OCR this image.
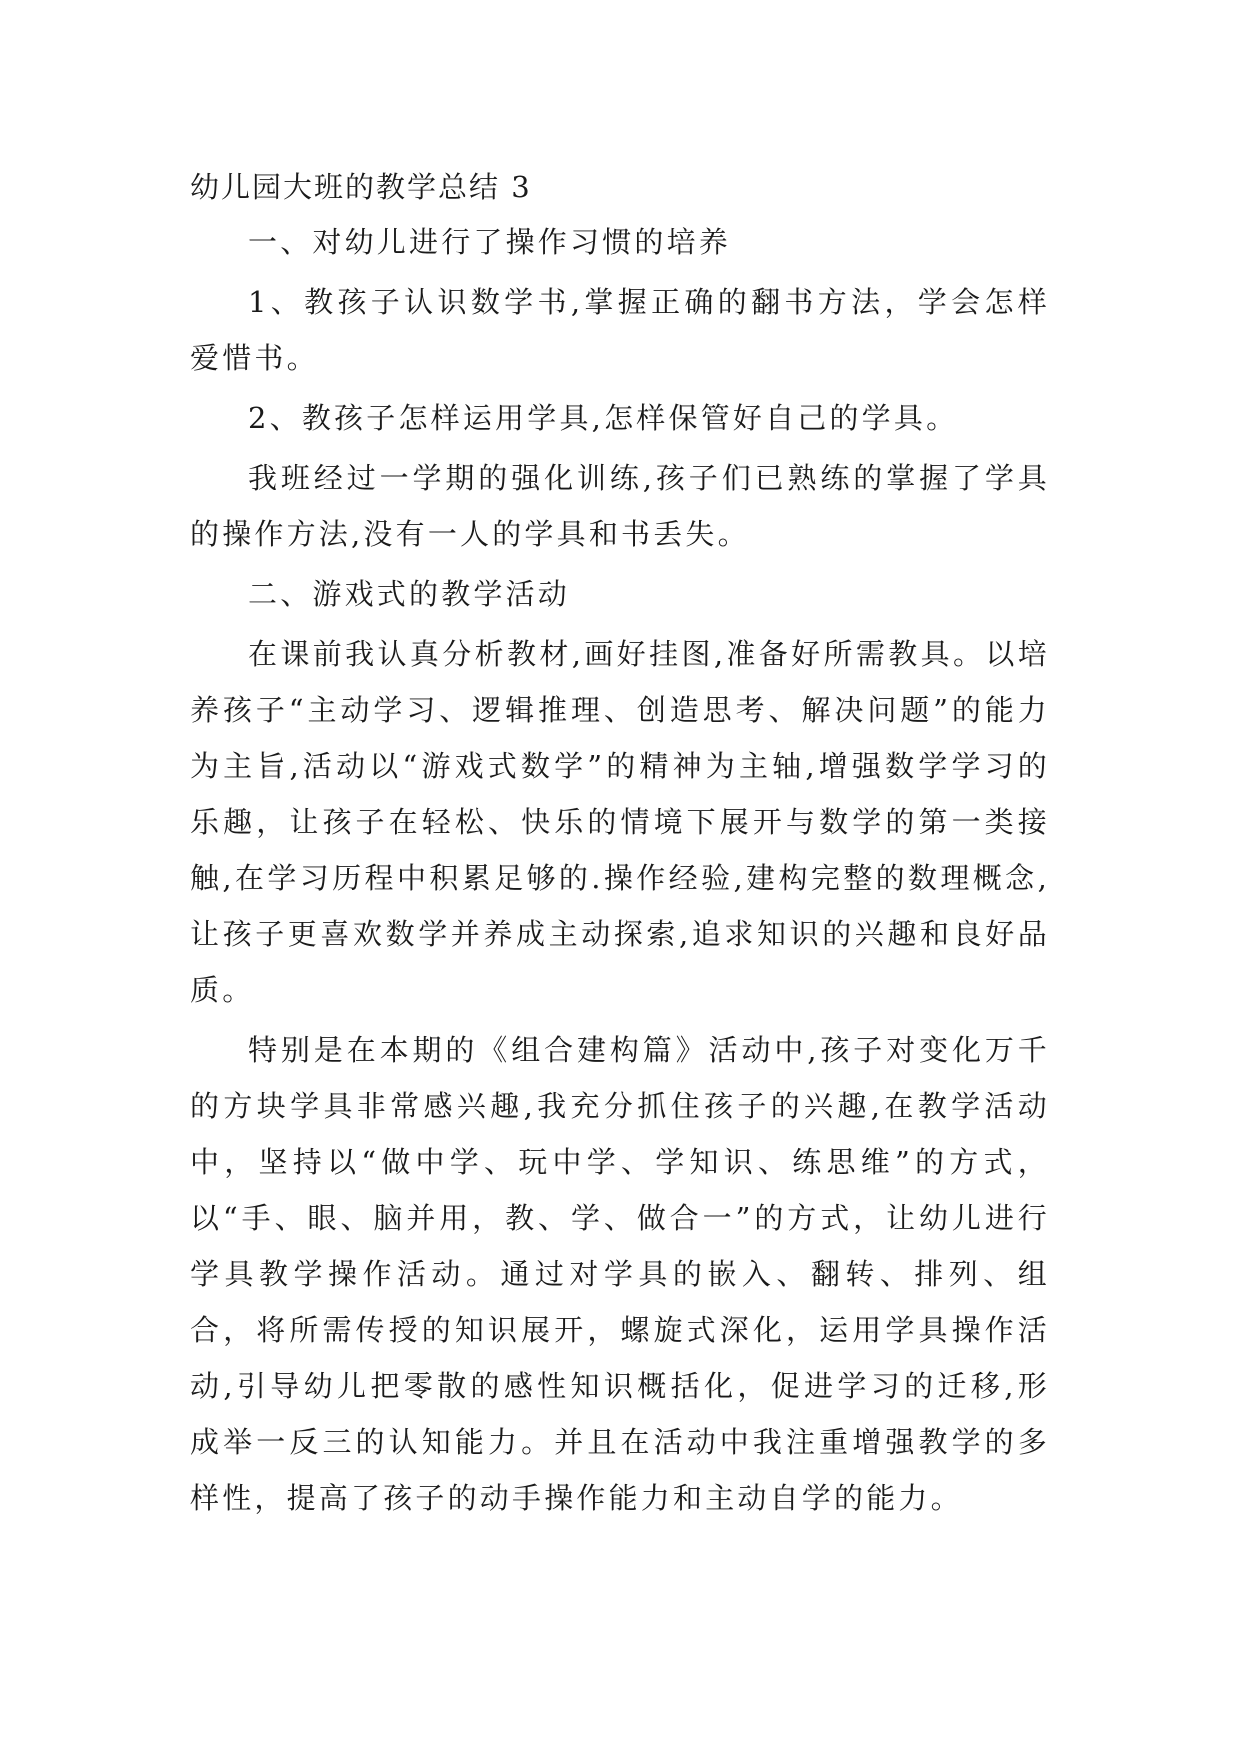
幼儿园大班的教学总结 3

一、对幼儿进行了操作习惯的培养

1、教孩子认识数学书,掌握正确的翻书方法，学会怎样爱惜书。

2、教孩子怎样运用学具,怎样保管好自己的学具。

我班经过一学期的强化训练,孩子们已熟练的掌握了学具的操作方法,没有一人的学具和书丢失。

二、游戏式的教学活动

在课前我认真分析教材,画好挂图,准备好所需教具。以培养孩子“主动学习、逻辑推理、创造思考、解决问题”的能力为主旨,活动以“游戏式数学”的精神为主轴,增强数学学习的乐趣，让孩子在轻松、快乐的情境下展开与数学的第一类接触,在学习历程中积累足够的.操作经验,建构完整的数理概念,让孩子更喜欢数学并养成主动探索,追求知识的兴趣和良好品质。

特别是在本期的《组合建构篇》活动中,孩子对变化万千的方块学具非常感兴趣,我充分抓住孩子的兴趣,在教学活动中，坚持以“做中学、玩中学、学知识、练思维”的方式，以“手、眼、脑并用，教、学、做合一”的方式，让幼儿进行学具教学操作活动。通过对学具的嵌入、翻转、排列、组合，将所需传授的知识展开，螺旋式深化，运用学具操作活动,引导幼儿把零散的感性知识概括化，促进学习的迁移,形成举一反三的认知能力。并且在活动中我注重增强教学的多样性，提高了孩子的动手操作能力和主动自学的能力。
